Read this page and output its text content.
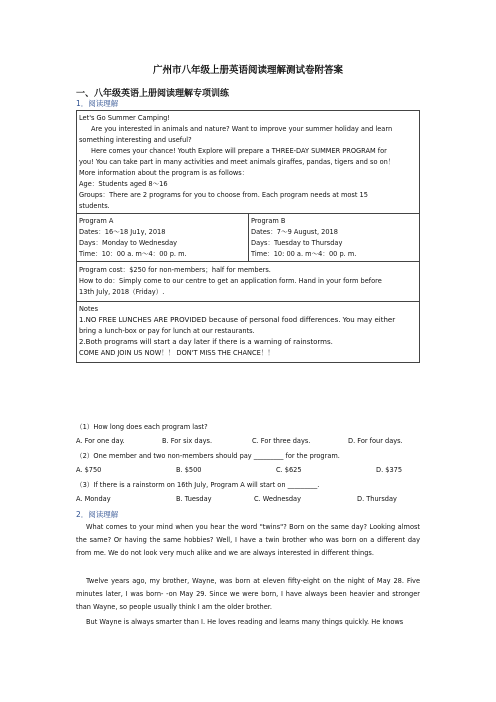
广州市八年级上册英语阅读理解测试卷附答案
一、八年级英语上册阅读理解专项训练
1．阅读理解

Let's Go Summer Camping!

Are you interested in animals and nature? Want to improve your summer holiday and learn

something interesting and useful?

Here comes your chance! Youth Explore will prepare a THREE-DAY SUMMER PROGRAM for

you! You can take part in many activities and meet animals giraffes, pandas, tigers and so on！

More information about the program is as follows：

Age：Students aged 8～16

Groups：There are 2 programs for you to choose from. Each program needs at most 15

students.

Program A

Dates：16～18 Ju1y, 2018

Days：Monday to Wednesday

Time：10：00 a. m～4：00 p. m.

Program B

Dates：7～9 August, 2018

Days：Tuesday to Thursday

Time：10: 00 a. m～4：00 p. m.

Program cost：$250 for non-members；half for members.

How to do：Simply come to our centre to get an application form. Hand in your form before

13th July, 2018（Friday）.

Notes

1.NO FREE LUNCHES ARE PROVIDED because of personal food differences. You may either

bring a lunch-box or pay for lunch at our restaurants.

2.Both programs will start a day later if there is a warning of rainstorms.

COME AND JOIN US NOW！！ DON'T MISS THE CHANCE！！

（1）How long does each program last?
A. For one day.	B. For six days.	C. For three days.	D. For four days.
（2）One member and two non-members should pay _________ for the program.
A. $750	B. $500	C. $625	D. $375
（3）If there is a rainstorm on 16th July, Program A will start on _________.
A. Monday	B. Tuesday	C. Wednesday	D. Thursday
2．阅读理解

What comes to your mind when you hear the word "twins"? Born on the same day? Looking almost the same? Or having the same hobbies? Well, I have a twin brother who was born on a different day from me. We do not look very much alike and we are always interested in different things.

Twelve years ago, my brother, Wayne, was born at eleven fifty-eight on the night of May 28. Five minutes later, I was born- -on May 29. Since we were born, I have always been heavier and stronger than Wayne, so people usually think I am the older brother.

But Wayne is always smarter than I. He loves reading and learns many things quickly. He knows
